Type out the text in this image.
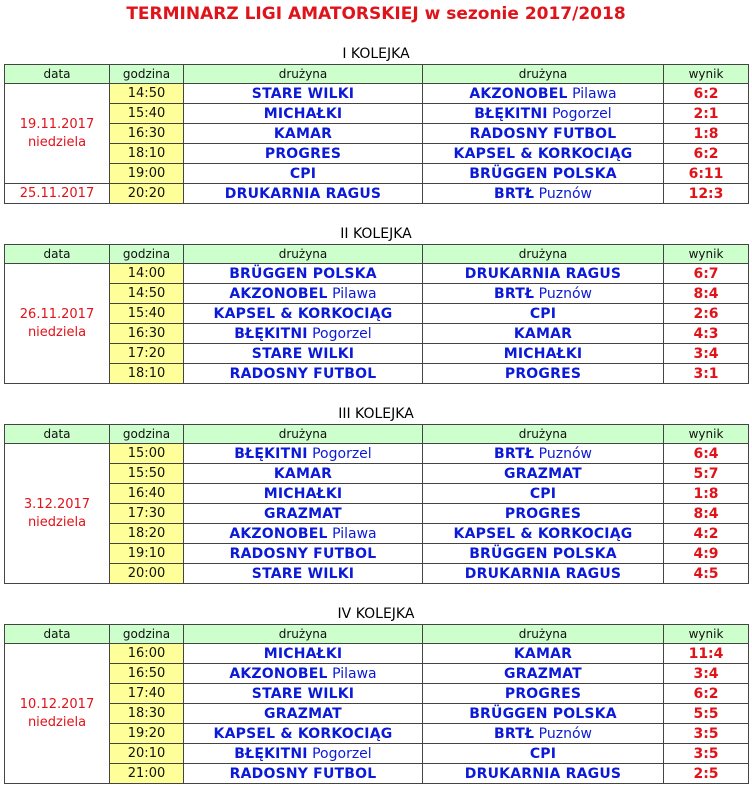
TERMINARZ LIGI AMATORSKIEJ w sezonie 2017/2018
I KOLEJKA
data	godzina	drużyna	drużyna	wynik
19.11.2017
niedziela	14:50	STARE WILKI	AKZONOBEL Pilawa	6:2
	15:40	MICHAŁKI	BŁĘKITNI Pogorzel	2:1
	16:30	KAMAR	RADOSNY FUTBOL	1:8
	18:10	PROGRES	KAPSEL & KORKOCIĄG	6:2
	19:00	CPI	BRÜGGEN POLSKA	6:11
25.11.2017	20:20	DRUKARNIA RAGUS	BRTŁ Puznów	12:3
II KOLEJKA
data	godzina	drużyna	drużyna	wynik
26.11.2017
niedziela	14:00	BRÜGGEN POLSKA	DRUKARNIA RAGUS	6:7
	14:50	AKZONOBEL Pilawa	BRTŁ Puznów	8:4
	15:40	KAPSEL & KORKOCIĄG	CPI	2:6
	16:30	BŁĘKITNI Pogorzel	KAMAR	4:3
	17:20	STARE WILKI	MICHAŁKI	3:4
	18:10	RADOSNY FUTBOL	PROGRES	3:1
III KOLEJKA
data	godzina	drużyna	drużyna	wynik
3.12.2017
niedziela	15:00	BŁĘKITNI Pogorzel	BRTŁ Puznów	6:4
	15:50	KAMAR	GRAZMAT	5:7
	16:40	MICHAŁKI	CPI	1:8
	17:30	GRAZMAT	PROGRES	8:4
	18:20	AKZONOBEL Pilawa	KAPSEL & KORKOCIĄG	4:2
	19:10	RADOSNY FUTBOL	BRÜGGEN POLSKA	4:9
	20:00	STARE WILKI	DRUKARNIA RAGUS	4:5
IV KOLEJKA
data	godzina	drużyna	drużyna	wynik
10.12.2017
niedziela	16:00	MICHAŁKI	KAMAR	11:4
	16:50	AKZONOBEL Pilawa	GRAZMAT	3:4
	17:40	STARE WILKI	PROGRES	6:2
	18:30	GRAZMAT	BRÜGGEN POLSKA	5:5
	19:20	KAPSEL & KORKOCIĄG	BRTŁ Puznów	3:5
	20:10	BŁĘKITNI Pogorzel	CPI	3:5
	21:00	RADOSNY FUTBOL	DRUKARNIA RAGUS	2:5
